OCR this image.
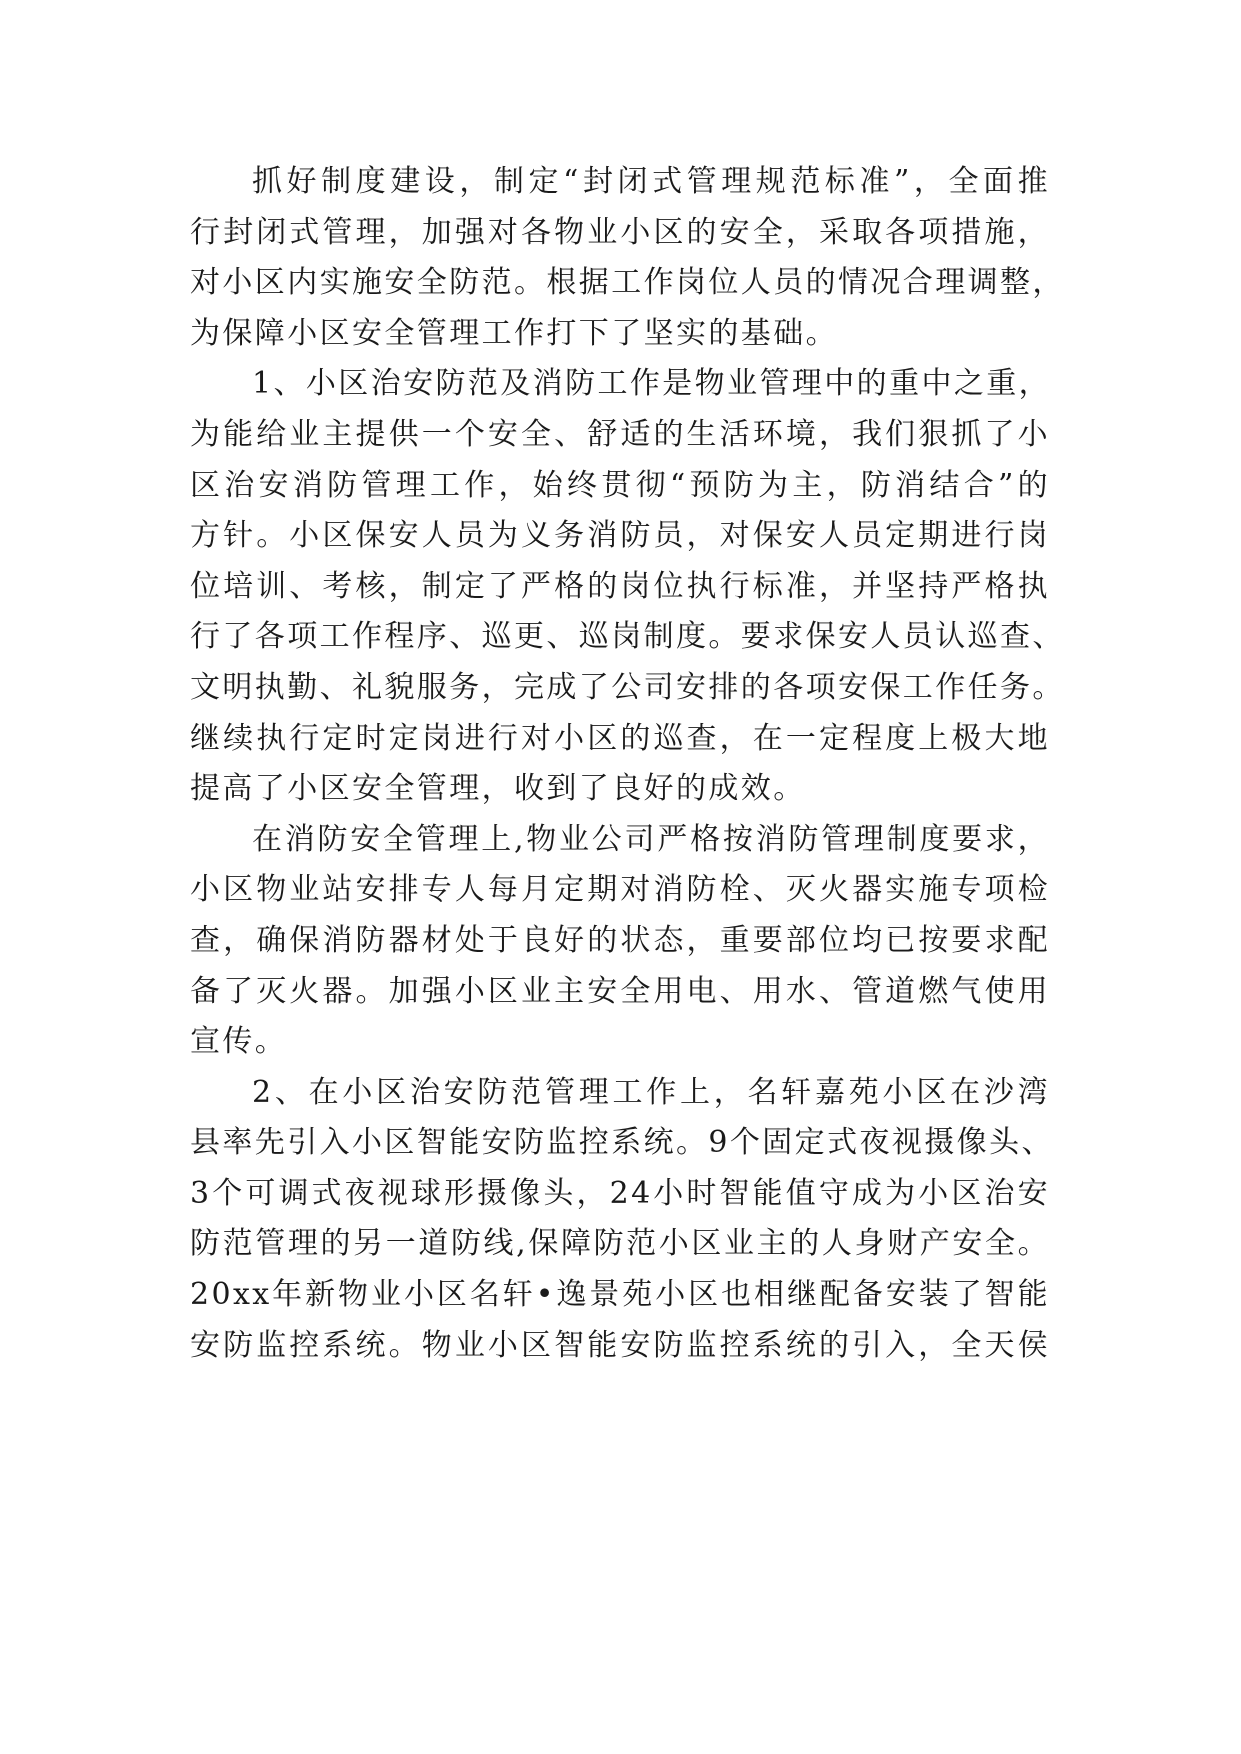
抓好制度建设，制定“封闭式管理规范标准”，全面推
行封闭式管理，加强对各物业小区的安全，采取各项措施，
对小区内实施安全防范。根据工作岗位人员的情况合理调整，
为保障小区安全管理工作打下了坚实的基础。
1、小区治安防范及消防工作是物业管理中的重中之重，
为能给业主提供一个安全、舒适的生活环境，我们狠抓了小
区治安消防管理工作，始终贯彻“预防为主，防消结合”的
方针。小区保安人员为义务消防员，对保安人员定期进行岗
位培训、考核，制定了严格的岗位执行标准，并坚持严格执
行了各项工作程序、巡更、巡岗制度。要求保安人员认巡查、
文明执勤、礼貌服务，完成了公司安排的各项安保工作任务。
继续执行定时定岗进行对小区的巡查，在一定程度上极大地
提高了小区安全管理，收到了良好的成效。
在消防安全管理上,物业公司严格按消防管理制度要求，
小区物业站安排专人每月定期对消防栓、灭火器实施专项检
查，确保消防器材处于良好的状态，重要部位均已按要求配
备了灭火器。加强小区业主安全用电、用水、管道燃气使用
宣传。
2、在小区治安防范管理工作上，名轩嘉苑小区在沙湾
县率先引入小区智能安防监控系统。9个固定式夜视摄像头、
3个可调式夜视球形摄像头，24小时智能值守成为小区治安
防范管理的另一道防线,保障防范小区业主的人身财产安全。
20xx年新物业小区名轩•逸景苑小区也相继配备安装了智能
安防监控系统。物业小区智能安防监控系统的引入，全天侯
